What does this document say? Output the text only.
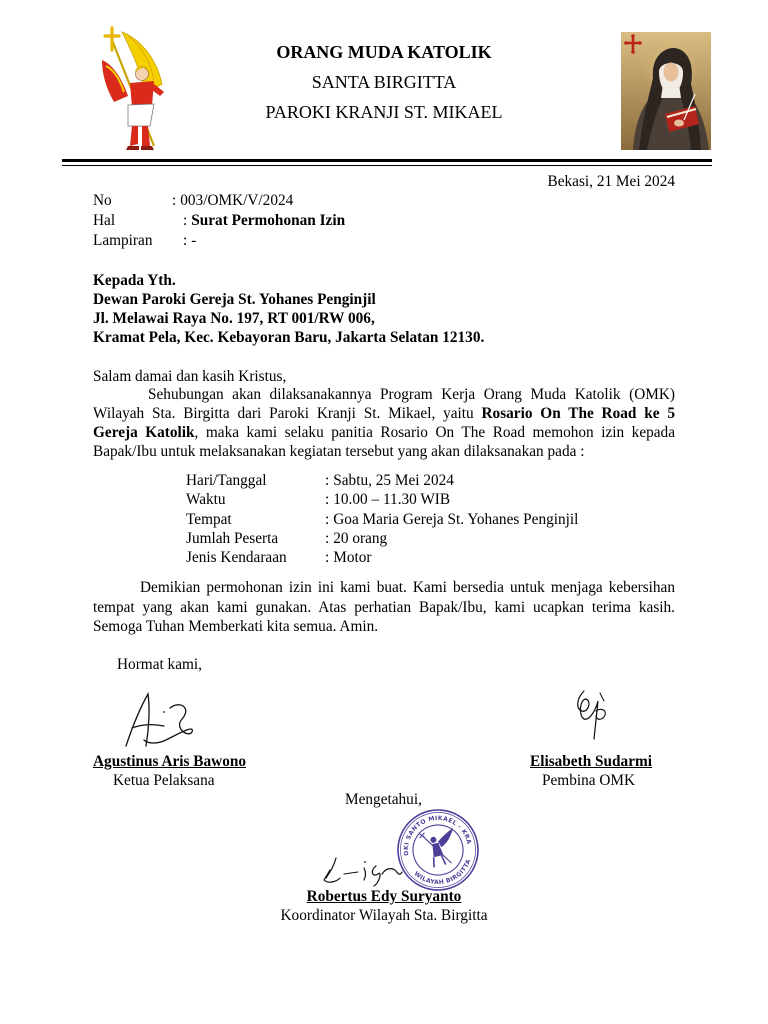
ORANG MUDA KATOLIK
SANTA BIRGITTA
PAROKI KRANJI ST. MIKAEL
Bekasi, 21 Mei 2024
No	: 003/OMK/V/2024
Hal	: Surat Permohonan Izin
Lampiran	: -
Kepada Yth.
Dewan Paroki Gereja St. Yohanes Penginjil
Jl. Melawai Raya No. 197, RT 001/RW 006,
Kramat Pela, Kec. Kebayoran Baru, Jakarta Selatan 12130.
Salam damai dan kasih Kristus,
Sehubungan akan dilaksanakannya Program Kerja Orang Muda Katolik (OMK)
Wilayah Sta. Birgitta dari Paroki Kranji St. Mikael, yaitu Rosario On The Road ke 5
Gereja Katolik, maka kami selaku panitia Rosario On The Road memohon izin kepada
Bapak/Ibu untuk melaksanakan kegiatan tersebut yang akan dilaksanakan pada :
Hari/Tanggal	: Sabtu, 25 Mei 2024
Waktu	: 10.00 – 11.30 WIB
Tempat	: Goa Maria Gereja St. Yohanes Penginjil
Jumlah Peserta	: 20 orang
Jenis Kendaraan	: Motor
Demikian permohonan izin ini kami buat. Kami bersedia untuk menjaga kebersihan
tempat yang akan kami gunakan. Atas perhatian Bapak/Ibu, kami ucapkan terima kasih.
Semoga Tuhan Memberkati kita semua. Amin.
Hormat kami,
Agustinus Aris Bawono
Ketua Pelaksana
Elisabeth Sudarmi
Pembina OMK
Mengetahui,
PAROKI SANTO MIKAEL - KRANJI
WILAYAH BIRGITTA
Robertus Edy Suryanto
Koordinator Wilayah Sta. Birgitta
